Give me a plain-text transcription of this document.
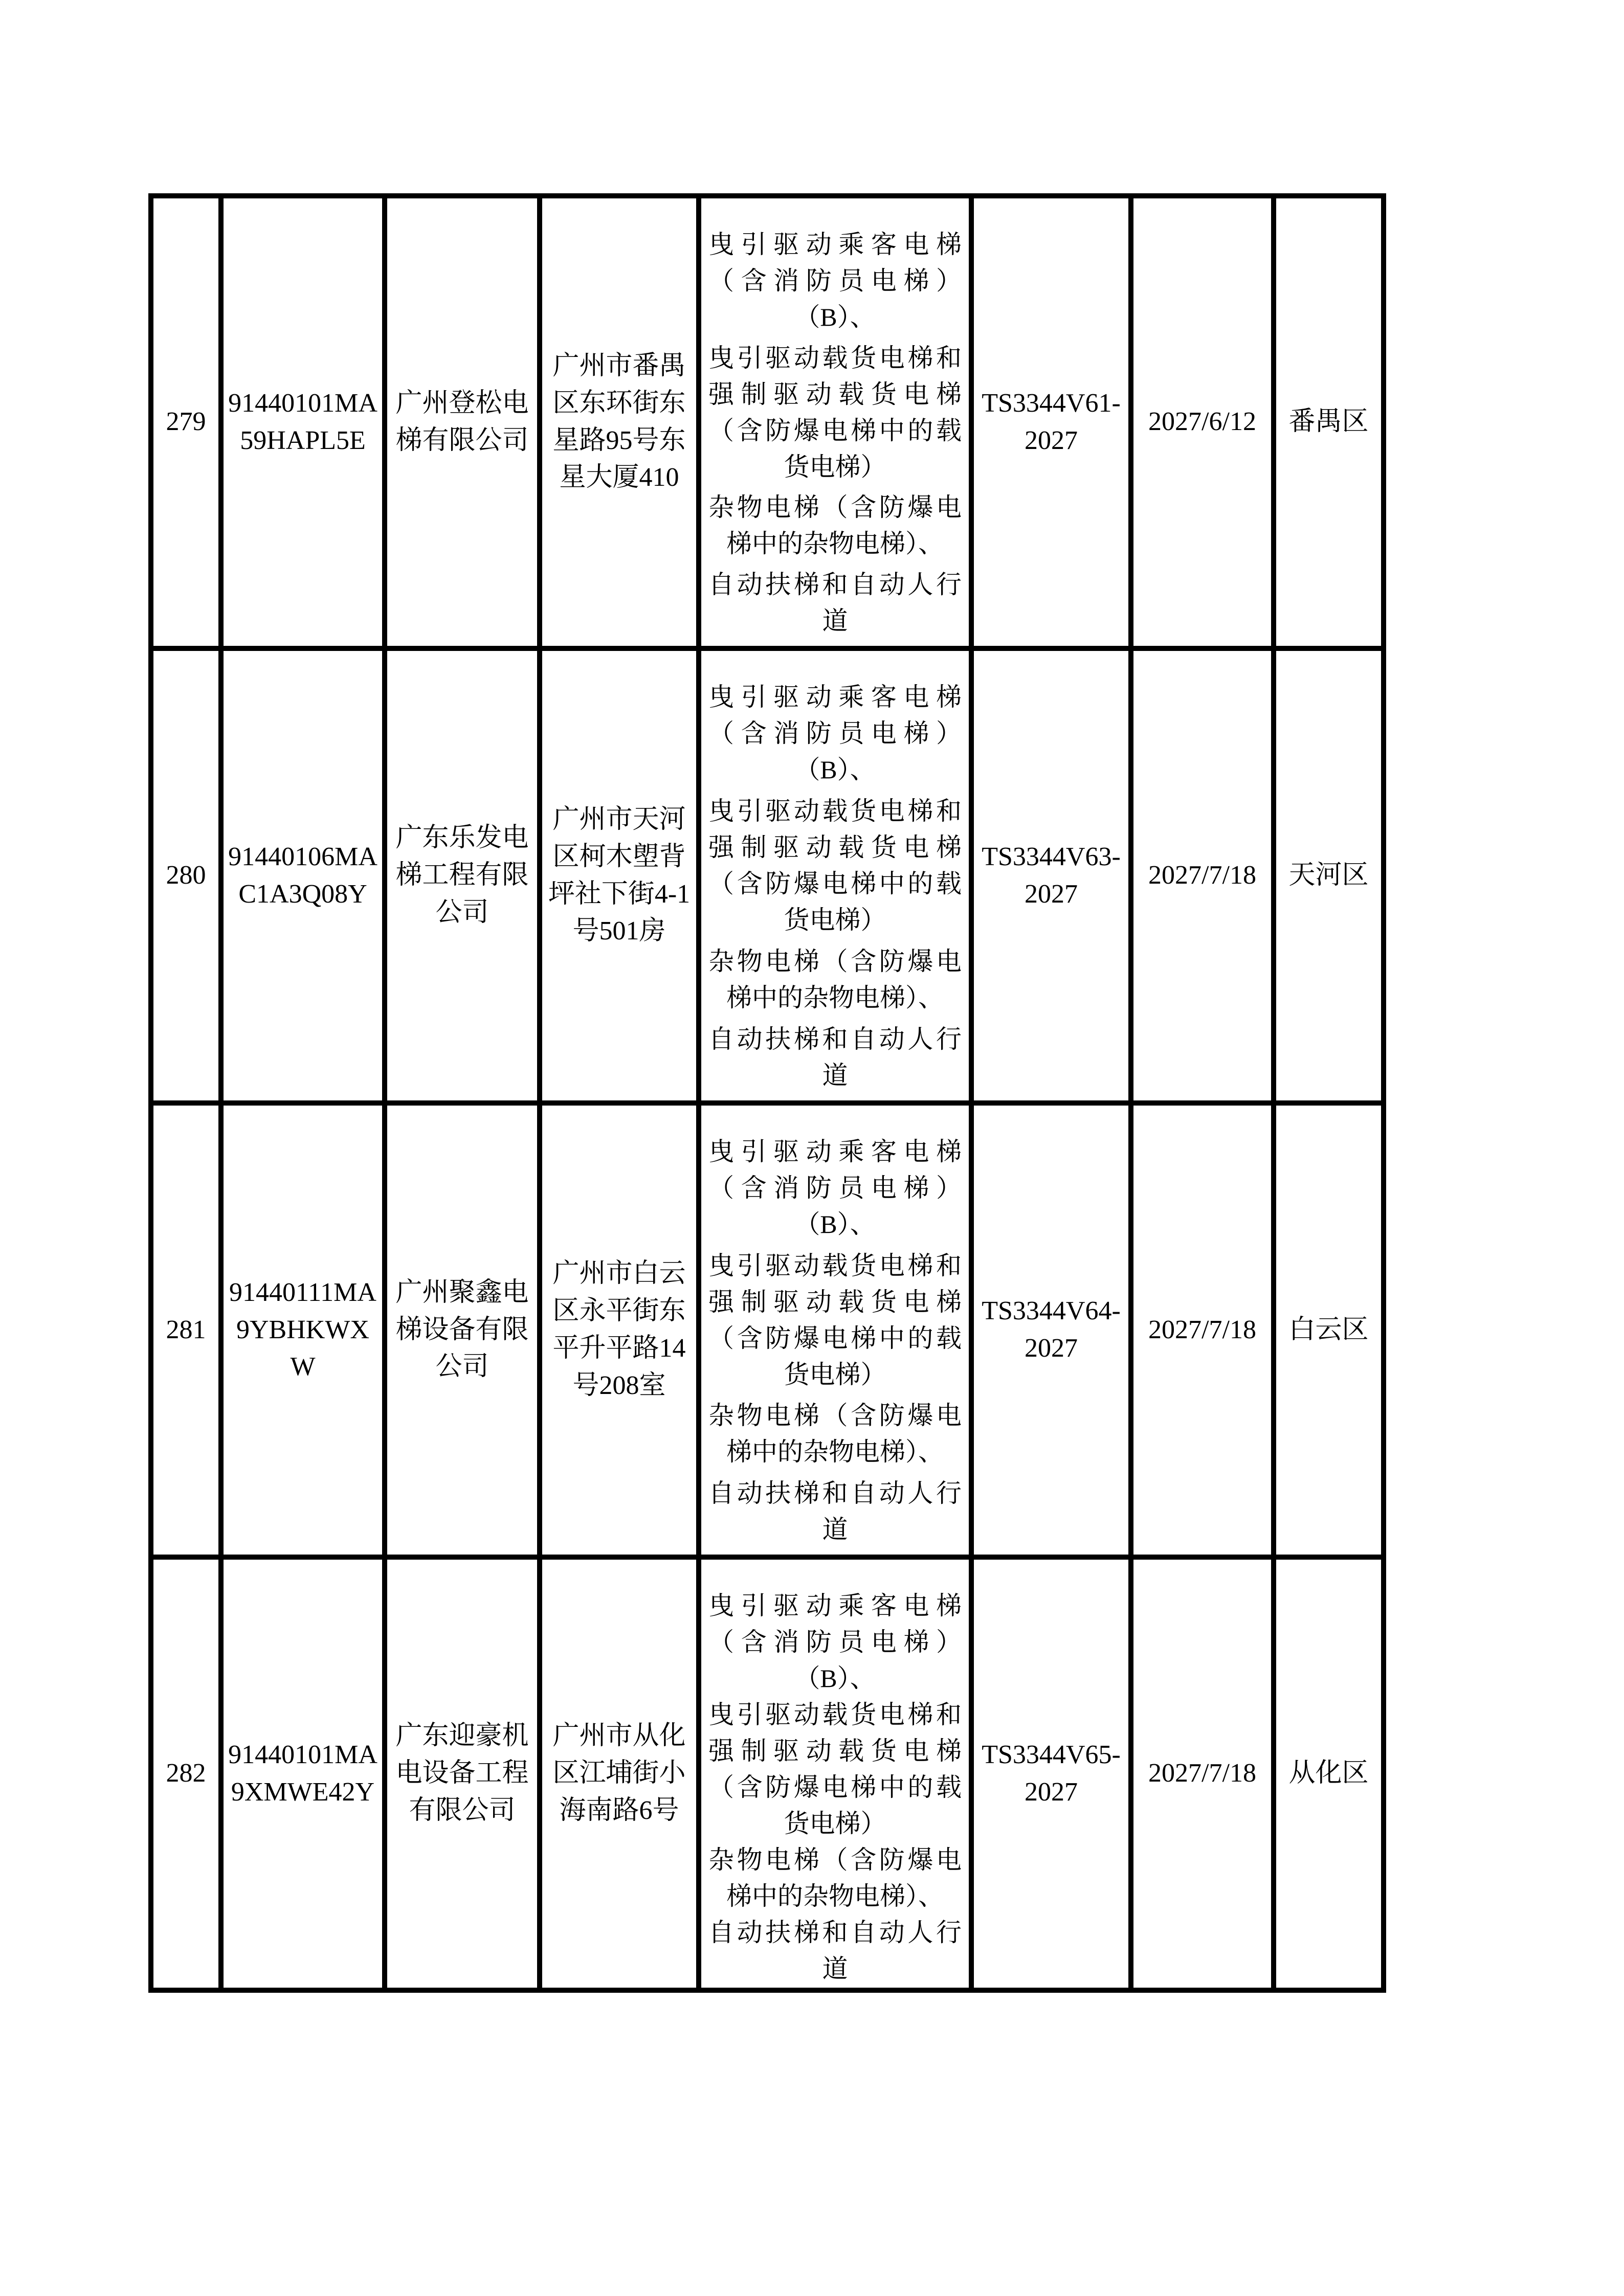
279	91440101MA59HAPL5E	广州登松电梯有限公司	广州市番禺区东环街东星路95号东星大厦410	曳引驱动乘客电梯（含消防员电梯）（B）、

曳引驱动载货电梯和强制驱动载货电梯（含防爆电梯中的载货电梯）

杂物电梯（含防爆电梯中的杂物电梯）、

自动扶梯和自动人行道	TS3344V61-2027	2027/6/12	番禺区
280	91440106MAC1A3Q08Y	广东乐发电梯工程有限公司	广州市天河区柯木塱背坪社下街4-1号501房	曳引驱动乘客电梯（含消防员电梯）（B）、

曳引驱动载货电梯和强制驱动载货电梯（含防爆电梯中的载货电梯）

杂物电梯（含防爆电梯中的杂物电梯）、

自动扶梯和自动人行道	TS3344V63-2027	2027/7/18	天河区
281	91440111MA9YBHKWXW	广州聚鑫电梯设备有限公司	广州市白云区永平街东平升平路14号208室	曳引驱动乘客电梯（含消防员电梯）（B）、

曳引驱动载货电梯和强制驱动载货电梯（含防爆电梯中的载货电梯）

杂物电梯（含防爆电梯中的杂物电梯）、

自动扶梯和自动人行道	TS3344V64-2027	2027/7/18	白云区
282	91440101MA9XMWE42Y	广东迎豪机电设备工程有限公司	广州市从化区江埔街小海南路6号	曳引驱动乘客电梯（含消防员电梯）（B）、

曳引驱动载货电梯和强制驱动载货电梯（含防爆电梯中的载货电梯）

杂物电梯（含防爆电梯中的杂物电梯）、

自动扶梯和自动人行道	TS3344V65-2027	2027/7/18	从化区
